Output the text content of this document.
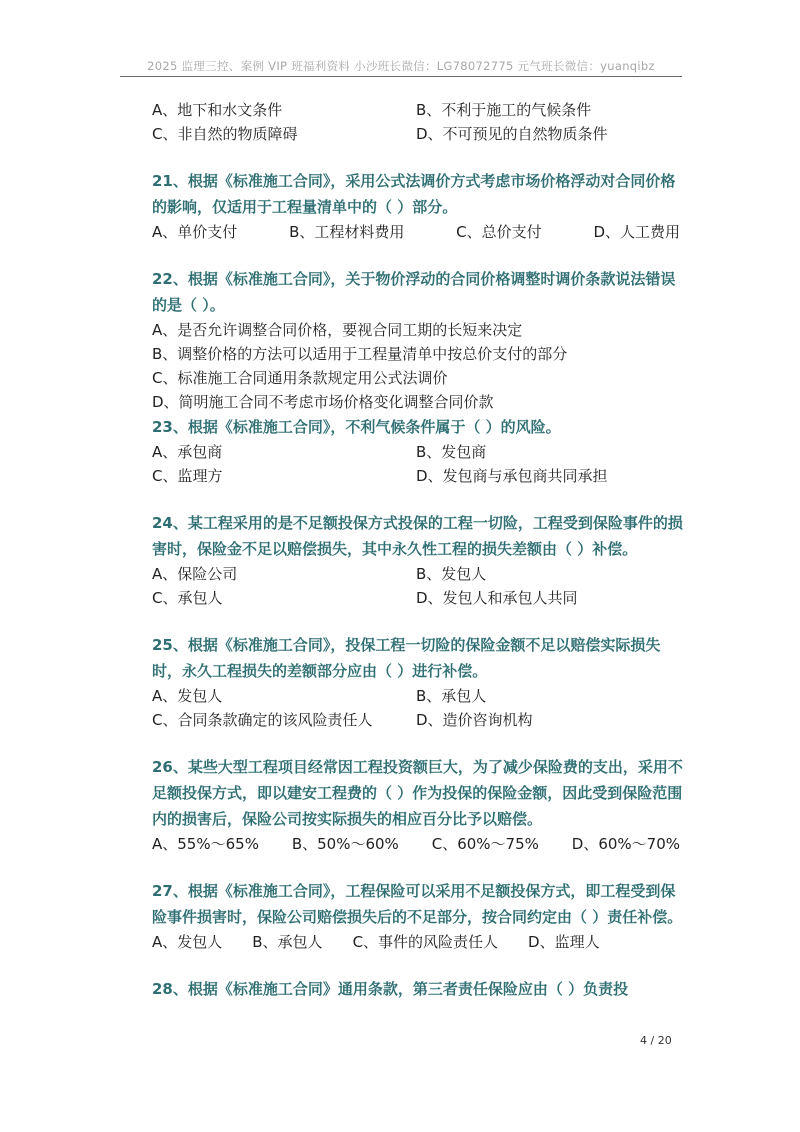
2025 监理三控、案例 VIP 班福利资料 小沙班长微信：LG78072775 元气班长微信：yuanqibz
A、地下和水文条件	B、不利于施工的气候条件
C、非自然的物质障碍	D、不可预见的自然物质条件
21、根据《标准施工合同》，采用公式法调价方式考虑市场价格浮动对合同价格的影响，仅适用于工程量清单中的（ ）部分。
A、单价支付	B、工程材料费用	C、总价支付	D、人工费用
22、根据《标准施工合同》，关于物价浮动的合同价格调整时调价条款说法错误的是（ ）。
A、是否允许调整合同价格，要视合同工期的长短来决定
B、调整价格的方法可以适用于工程量清单中按总价支付的部分
C、标准施工合同通用条款规定用公式法调价
D、简明施工合同不考虑市场价格变化调整合同价款
23、根据《标准施工合同》，不利气候条件属于（ ）的风险。
A、承包商	B、发包商
C、监理方	D、发包商与承包商共同承担
24、某工程采用的是不足额投保方式投保的工程一切险，工程受到保险事件的损害时，保险金不足以赔偿损失，其中永久性工程的损失差额由（ ）补偿。
A、保险公司	B、发包人
C、承包人	D、发包人和承包人共同
25、根据《标准施工合同》，投保工程一切险的保险金额不足以赔偿实际损失时，永久工程损失的差额部分应由（ ）进行补偿。
A、发包人	B、承包人
C、合同条款确定的该风险责任人	D、造价咨询机构
26、某些大型工程项目经常因工程投资额巨大，为了减少保险费的支出，采用不足额投保方式，即以建安工程费的（ ）作为投保的保险金额，因此受到保险范围内的损害后，保险公司按实际损失的相应百分比予以赔偿。
A、55%～65% B、50%～60% C、60%～75% D、60%～70%
27、根据《标准施工合同》，工程保险可以采用不足额投保方式，即工程受到保险事件损害时，保险公司赔偿损失后的不足部分，按合同约定由（ ）责任补偿。
A、发包人 B、承包人 C、事件的风险责任人 D、监理人
28、根据《标准施工合同》通用条款，第三者责任保险应由（ ）负责投
4 / 20
